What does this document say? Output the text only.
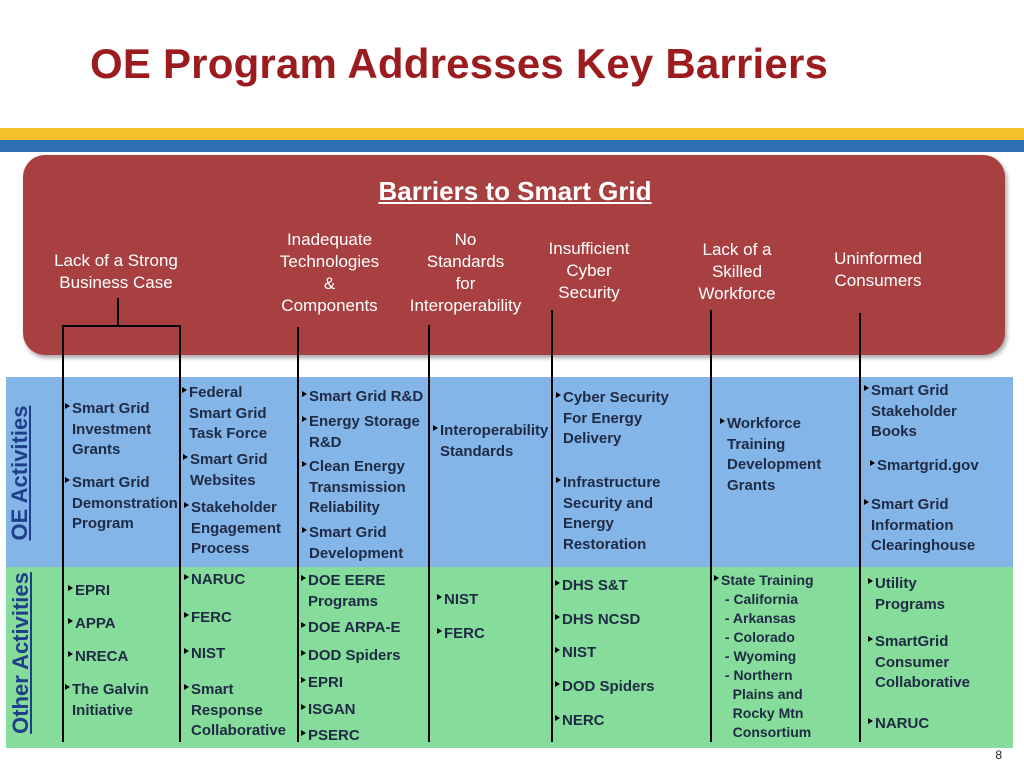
OE Program Addresses Key Barriers
Barriers to Smart Grid
Lack of a Strong
Business Case
Inadequate
Technologies
&
Components
No
Standards
for
Interoperability
Insufficient
Cyber
Security
Lack of a
Skilled
Workforce
Uninformed
Consumers
OE Activities
Other Activities
Smart Grid
Investment
Grants
Smart Grid
Demonstration
Program
Federal
Smart Grid
Task Force
Smart Grid
Websites
Stakeholder
Engagement
Process
Smart Grid R&D
Energy Storage
R&D
Clean Energy
Transmission
Reliability
Smart Grid
Development
Interoperability
Standards
Cyber Security
For Energy
Delivery
Infrastructure
Security and
Energy
Restoration
Workforce
Training
Development
Grants
Smart Grid
Stakeholder
Books
Smartgrid.gov
Smart Grid
Information
Clearinghouse
EPRI
APPA
NRECA
The Galvin
Initiative
NARUC
FERC
NIST
Smart
Response
Collaborative
DOE EERE
Programs
DOE ARPA-E
DOD Spiders
EPRI
ISGAN
PSERC
NIST
FERC
DHS S&T
DHS NCSD
NIST
DOD Spiders
NERC
State Training
- California
- Arkansas
- Colorado
- Wyoming
- Northern
Plains and
Rocky Mtn
Consortium
Utility
Programs
SmartGrid
Consumer
Collaborative
NARUC
8
